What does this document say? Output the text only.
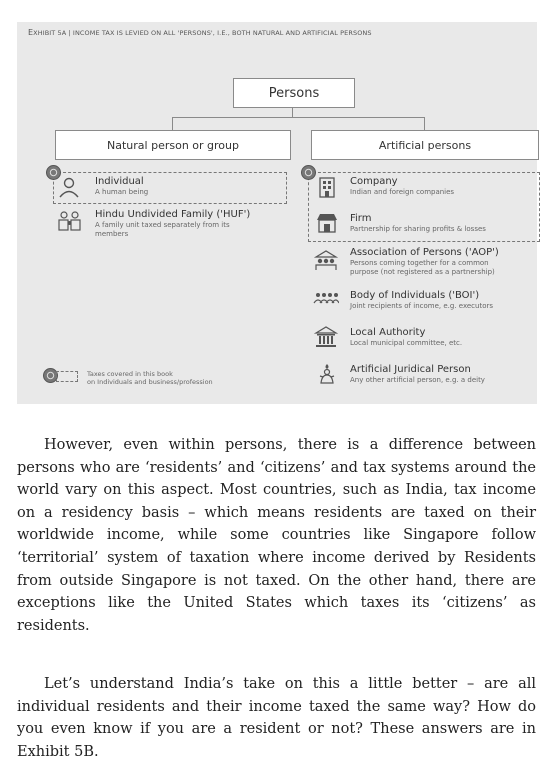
EXHIBIT 5A | INCOME TAX IS LEVIED ON ALL 'PERSONS', I.E., BOTH NATURAL AND ARTIFICIAL PERSONS
Persons
Natural person or group	Artificial persons
Individual
A human being
Hindu Undivided Family ('HUF')
A family unit taxed separately from its
members
Company
Indian and foreign companies
Firm
Partnership for sharing profits & losses
Association of Persons ('AOP')
Persons coming together for a common
purpose (not registered as a partnership)
Body of Individuals ('BOI')
Joint recipients of income, e.g. executors
Local Authority
Local municipal committee, etc.
Artificial Juridical Person
Any other artificial person, e.g. a deity
Taxes covered in this book
on Individuals and business/profession

However, even within persons, there is a difference between persons who are ‘residents’ and ‘citizens’ and tax systems around the world vary on this aspect. Most countries, such as India, tax income on a residency basis – which means residents are taxed on their worldwide income, while some countries like Singapore follow ‘territorial’ system of taxation where income derived by Residents from outside Singapore is not taxed. On the other hand, there are exceptions like the United States which taxes its ‘citizens’ as residents.

Let’s understand India’s take on this a little better – are all individual residents and their income taxed the same way? How do you even know if you are a resident or not? These answers are in Exhibit 5B.
